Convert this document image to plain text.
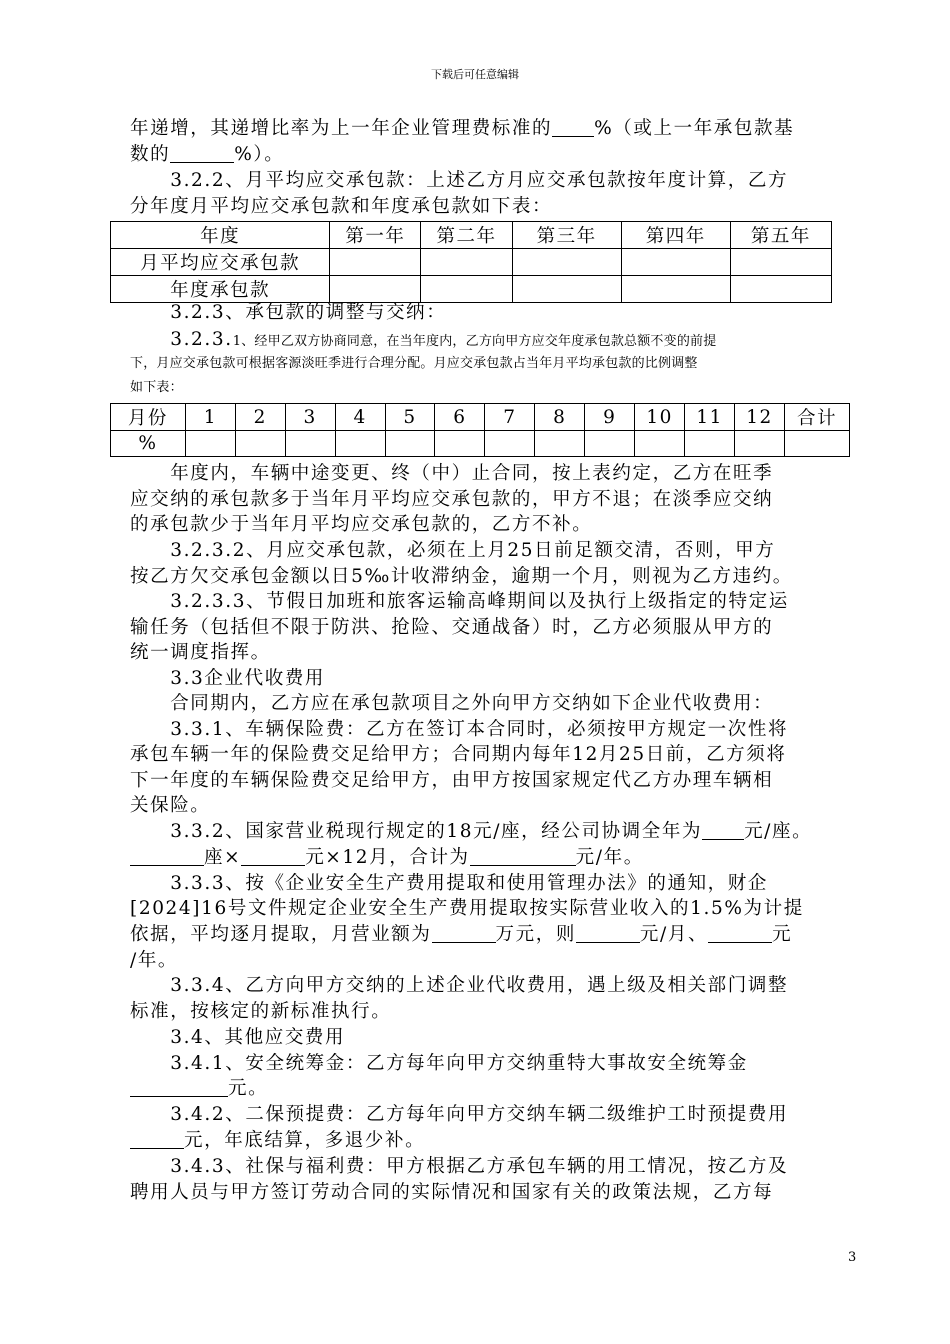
下载后可任意编辑
年递增，其递增比率为上一年企业管理费标准的 %（或上一年承包款基
数的	%）。
　　3.2.2、月平均应交承包款：上述乙方月应交承包款按年度计算，乙方
分年度月平均应交承包款和年度承包款如下表：
年度	第一年	第二年	第三年	第四年	第五年
月平均应交承包款					
年度承包款					
　　3.2.3、承包款的调整与交纳：
　　3.2.3.1、经甲乙双方协商同意，在当年度内，乙方向甲方应交年度承包款总额不变的前提
下，月应交承包款可根据客源淡旺季进行合理分配。月应交承包款占当年月平均承包款的比例调整
如下表：
月份	1	2	3	4	5	6	7	8	9	10	11	12	合计
%													
　　年度内，车辆中途变更、终（中）止合同，按上表约定，乙方在旺季
应交纳的承包款多于当年月平均应交承包款的，甲方不退；在淡季应交纳
的承包款少于当年月平均应交承包款的，乙方不补。
　　3.2.3.2、月应交承包款，必须在上月25日前足额交清，否则，甲方
按乙方欠交承包金额以日5‰计收滞纳金，逾期一个月，则视为乙方违约。
　　3.2.3.3、节假日加班和旅客运输高峰期间以及执行上级指定的特定运
输任务（包括但不限于防洪、抢险、交通战备）时，乙方必须服从甲方的
统一调度指挥。
　　3.3企业代收费用
　　合同期内，乙方应在承包款项目之外向甲方交纳如下企业代收费用：
　　3.3.1、车辆保险费：乙方在签订本合同时，必须按甲方规定一次性将
承包车辆一年的保险费交足给甲方；合同期内每年12月25日前，乙方须将
下一年度的车辆保险费交足给甲方，由甲方按国家规定代乙方办理车辆相
关保险。
　　3.3.2、国家营业税现行规定的18元/座，经公司协调全年为 元/座。
座×	元×12月，合计为	元/年。
　　3.3.3、按《企业安全生产费用提取和使用管理办法》的通知，财企
[2024]16号文件规定企业安全生产费用提取按实际营业收入的1.5%为计提
依据，平均逐月提取，月营业额为	万元，则	元/月、	元
/年。
　　3.3.4、乙方向甲方交纳的上述企业代收费用，遇上级及相关部门调整
标准，按核定的新标准执行。
　　3.4、其他应交费用
　　3.4.1、安全统筹金：乙方每年向甲方交纳重特大事故安全统筹金
元。
　　3.4.2、二保预提费：乙方每年向甲方交纳车辆二级维护工时预提费用
元，年底结算，多退少补。
　　3.4.3、社保与福利费：甲方根据乙方承包车辆的用工情况，按乙方及
聘用人员与甲方签订劳动合同的实际情况和国家有关的政策法规，乙方每
3
